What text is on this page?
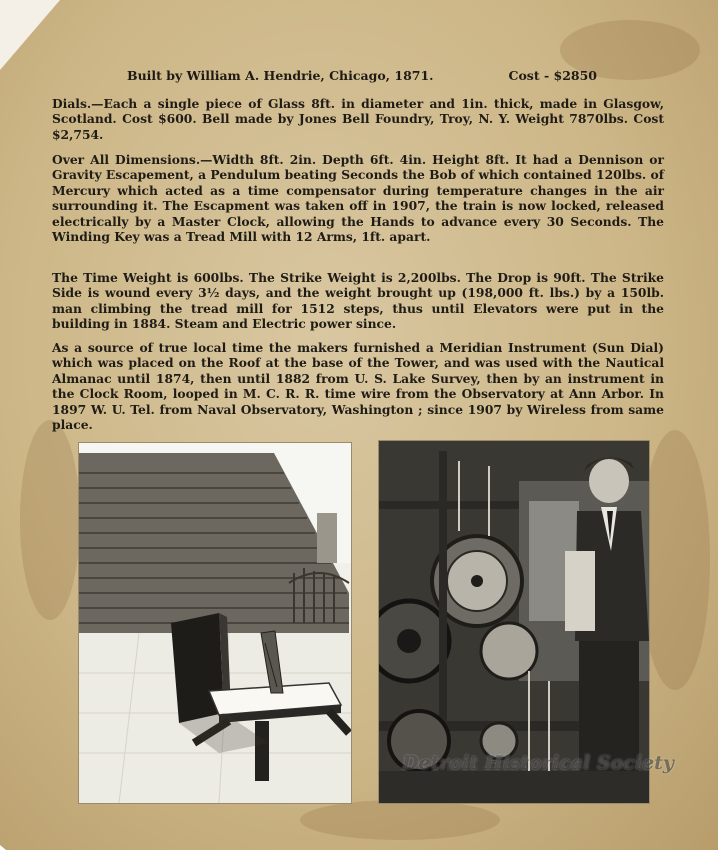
Built by William A. Hendrie, Chicago, 1871.	Cost - $2850

Dials.—Each a single piece of Glass 8ft. in diameter and 1in. thick, made in Glasgow, Scotland. Cost $600. Bell made by Jones Bell Foundry, Troy, N. Y. Weight 7870lbs. Cost $2,754.

Over All Dimensions.—Width 8ft. 2in. Depth 6ft. 4in. Height 8ft. It had a Dennison or Gravity Escapement, a Pendulum beating Seconds the Bob of which contained 120lbs. of Mercury which acted as a time compensator during temperature changes in the air surrounding it. The Escapment was taken off in 1907, the train is now locked, released electrically by a Master Clock, allowing the Hands to advance every 30 Seconds. The Winding Key was a Tread Mill with 12 Arms, 1ft. apart.

The Time Weight is 600lbs. The Strike Weight is 2,200lbs. The Drop is 90ft. The Strike Side is wound every 3½ days, and the weight brought up (198,000 ft. lbs.) by a 150lb. man climbing the tread mill for 1512 steps, thus until Elevators were put in the building in 1884. Steam and Electric power since.

As a source of true local time the makers furnished a Meridian Instrument (Sun Dial) which was placed on the Roof at the base of the Tower, and was used with the Nautical Almanac until 1874, then until 1882 from U. S. Lake Survey, then by an instrument in the Clock Room, looped in M. C. R. R. time wire from the Observatory at Ann Arbor. In 1897 W. U. Tel. from Naval Observatory, Washington ; since 1907 by Wireless from same place.

Detroit Historical Society
